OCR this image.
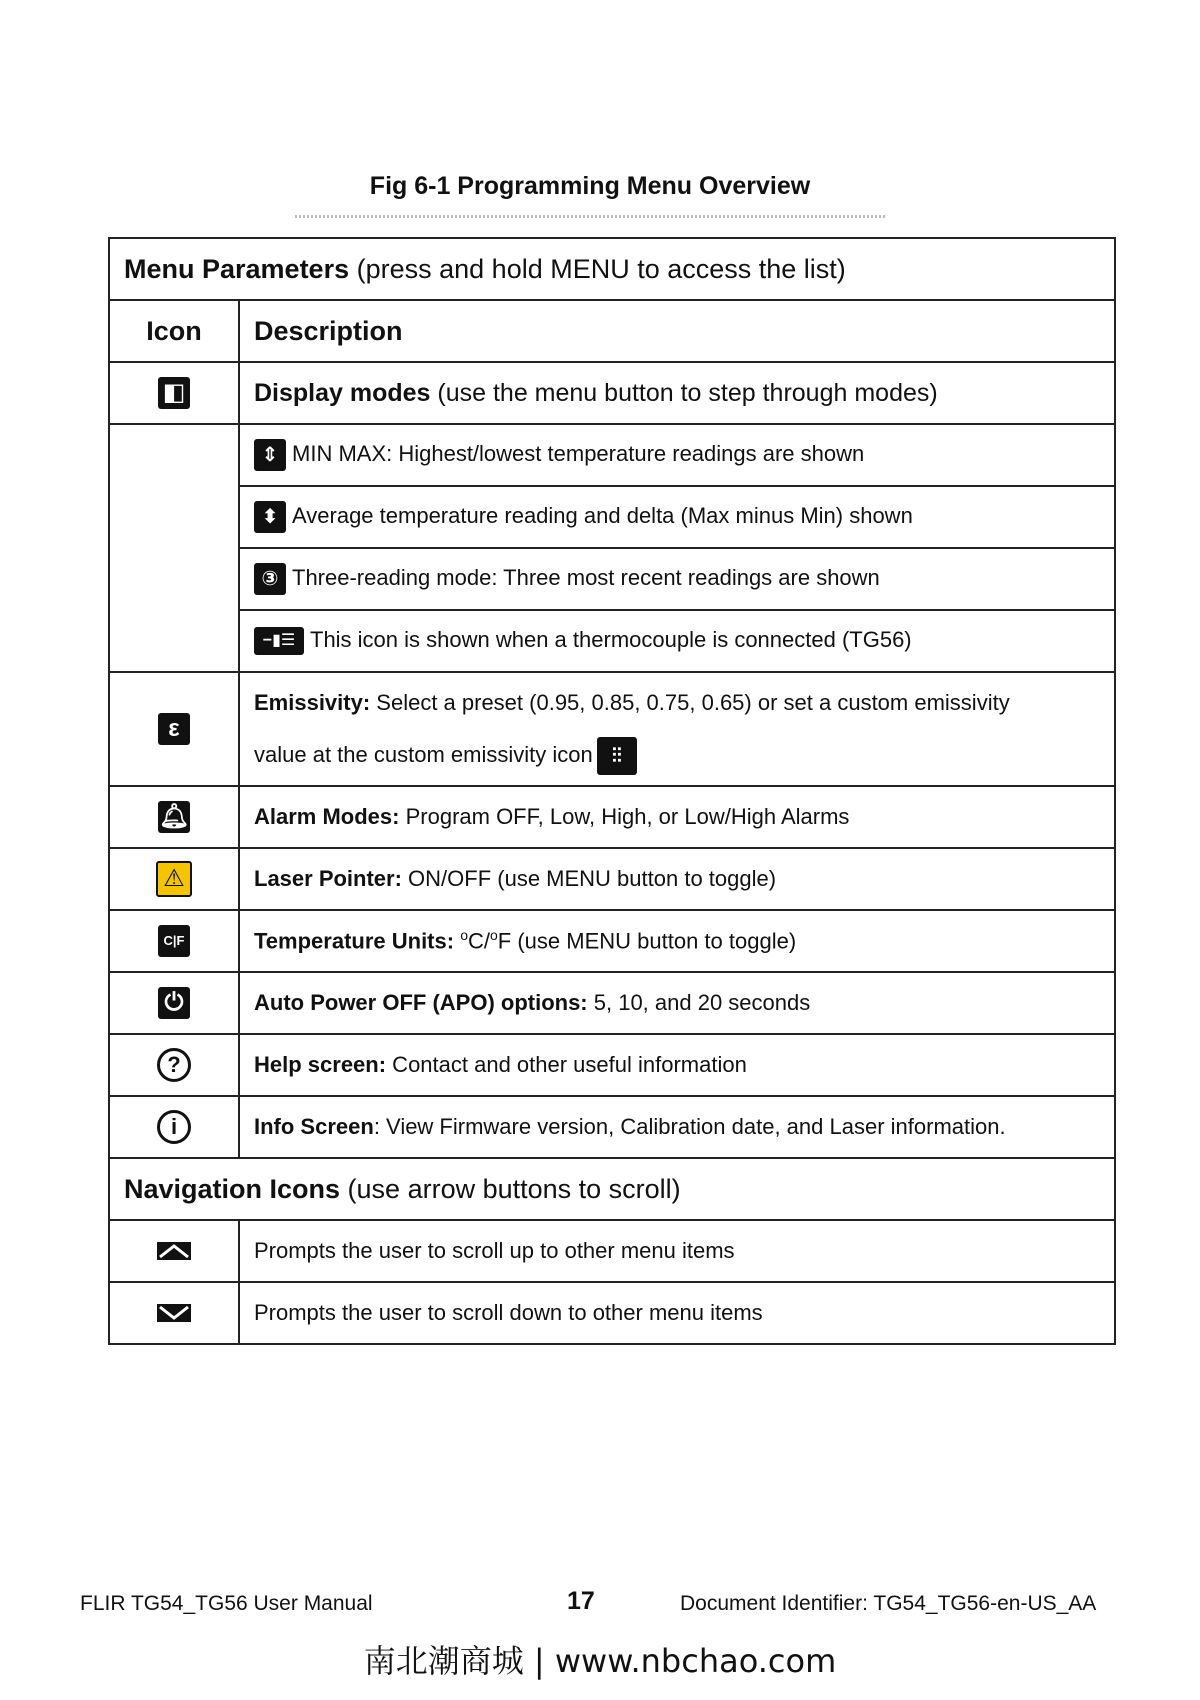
Fig 6-1 Programming Menu Overview
Menu Parameters (press and hold MENU to access the list)	
Icon	Description
◧	Display modes (use the menu button to step through modes)
	⇕ MIN MAX: Highest/lowest temperature readings are shown
	⬍ Average temperature reading and delta (Max minus Min) shown
	③ Three-reading mode: Three most recent readings are shown
	−▮☰ This icon is shown when a thermocouple is connected (TG56)
ε	Emissivity: Select a preset (0.95, 0.85, 0.75, 0.65) or set a custom emissivity
value at the custom emissivity icon ⫶⫶
🔔︎	Alarm Modes: Program OFF, Low, High, or Low/High Alarms
⚠	Laser Pointer: ON/OFF (use MENU button to toggle)
C|F	Temperature Units: $^o$C/$^o$F (use MENU button to toggle)
⏻	Auto Power OFF (APO) options: 5, 10, and 20 seconds
?	Help screen: Contact and other useful information
i	Info Screen: View Firmware version, Calibration date, and Laser information.
Navigation Icons (use arrow buttons to scroll)	

	Prompts the user to scroll up to other menu items

	Prompts the user to scroll down to other menu items
FLIR TG54_TG56 User Manual	17	Document Identifier: TG54_TG56-en-US_AA
南北潮商城 | www.nbchao.com
